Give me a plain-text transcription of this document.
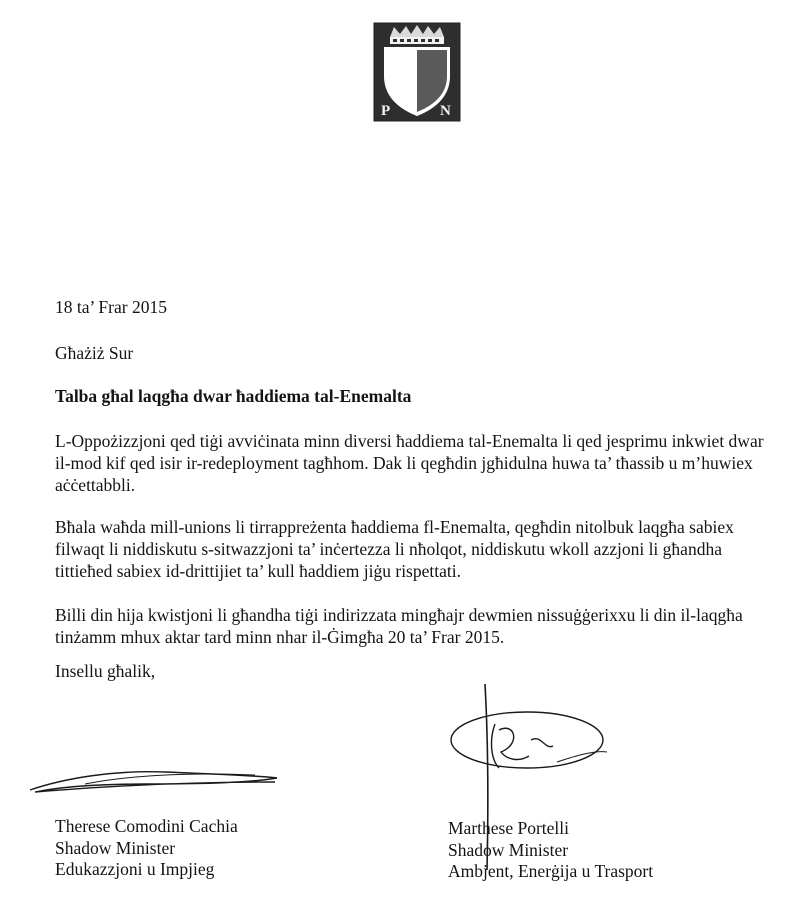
P	N
18 ta’ Frar 2015
Għażiż Sur
Talba għal laqgħa dwar ħaddiema tal-Enemalta

L-Oppożizzjoni qed tiġi avviċinata minn diversi ħaddiema tal-Enemalta li qed jesprimu inkwiet dwar il-mod kif qed isir ir-redeployment tagħhom. Dak li qegħdin jgħidulna huwa ta’ tħassib u m’huwiex aċċettabbli.

Bħala waħda mill-unions li tirrappreżenta ħaddiema fl-Enemalta, qegħdin nitolbuk laqgħa sabiex filwaqt li niddiskutu s-sitwazzjoni ta’ inċertezza li nħolqot, niddiskutu wkoll azzjoni li għandha tittieħed sabiex id-drittijiet ta’ kull ħaddiem jiġu rispettati.

Billi din hija kwistjoni li għandha tiġi indirizzata mingħajr dewmien nissuġġerixxu li din il-laqgħa tinżamm mhux aktar tard minn nhar il-Ġimgħa 20 ta’ Frar 2015.

Insellu għalik,
Therese Comodini Cachia
Shadow Minister
Edukazzjoni u Impjieg
Marthese Portelli
Shadow Minister
Ambjent, Enerġija u Trasport
